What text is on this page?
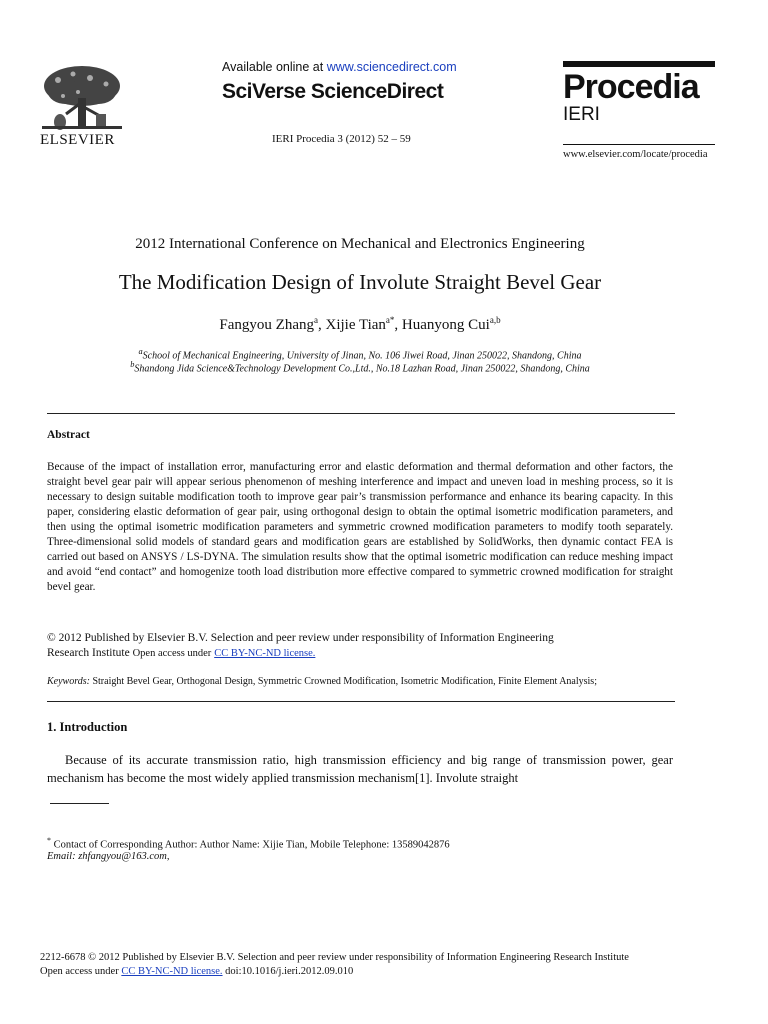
ELSEVIER
Available online at www.sciencedirect.com
SciVerse ScienceDirect
IERI Procedia 3 (2012) 52 – 59
Procedia
IERI
www.elsevier.com/locate/procedia
2012 International Conference on Mechanical and Electronics Engineering
The Modification Design of Involute Straight Bevel Gear
Fangyou Zhang$^a$, Xijie Tian$^{a*}$, Huanyong Cui$^{a,b}$
$^a$School of Mechanical Engineering, University of Jinan, No. 106 Jiwei Road, Jinan 250022, Shandong, China
$^b$Shandong Jida Science&Technology Development Co.,Ltd., No.18 Lazhan Road, Jinan 250022, Shandong, China
Abstract
Because of the impact of installation error, manufacturing error and elastic deformation and thermal deformation and other factors, the straight bevel gear pair will appear serious phenomenon of meshing interference and impact and uneven load in meshing process, so it is necessary to design suitable modification tooth to improve gear pair’s transmission performance and enhance its bearing capacity. In this paper, considering elastic deformation of gear pair, using orthogonal design to obtain the optimal isometric modification parameters, and then using the optimal isometric modification parameters and symmetric crowned modification parameters to modify tooth separately. Three-dimensional solid models of standard gears and modification gears are established by SolidWorks, then dynamic contact FEA is carried out based on ANSYS / LS-DYNA. The simulation results show that the optimal isometric modification can reduce meshing impact and avoid “end contact” and homogenize tooth load distribution more effective compared to symmetric crowned modification for straight bevel gear.
© 2012 Published by Elsevier B.V. Selection and peer review under responsibility of Information Engineering
Research Institute Open access under CC BY-NC-ND license.
Keywords: Straight Bevel Gear, Orthogonal Design, Symmetric Crowned Modification, Isometric Modification, Finite Element Analysis;
1. Introduction
Because of its accurate transmission ratio, high transmission efficiency and big range of transmission power, gear mechanism has become the most widely applied transmission mechanism[1]. Involute straight
* Contact of Corresponding Author: Author Name: Xijie Tian, Mobile Telephone: 13589042876
Email: zhfangyou@163.com,
2212-6678 © 2012 Published by Elsevier B.V. Selection and peer review under responsibility of Information Engineering Research Institute
Open access under CC BY-NC-ND license. doi:10.1016/j.ieri.2012.09.010
